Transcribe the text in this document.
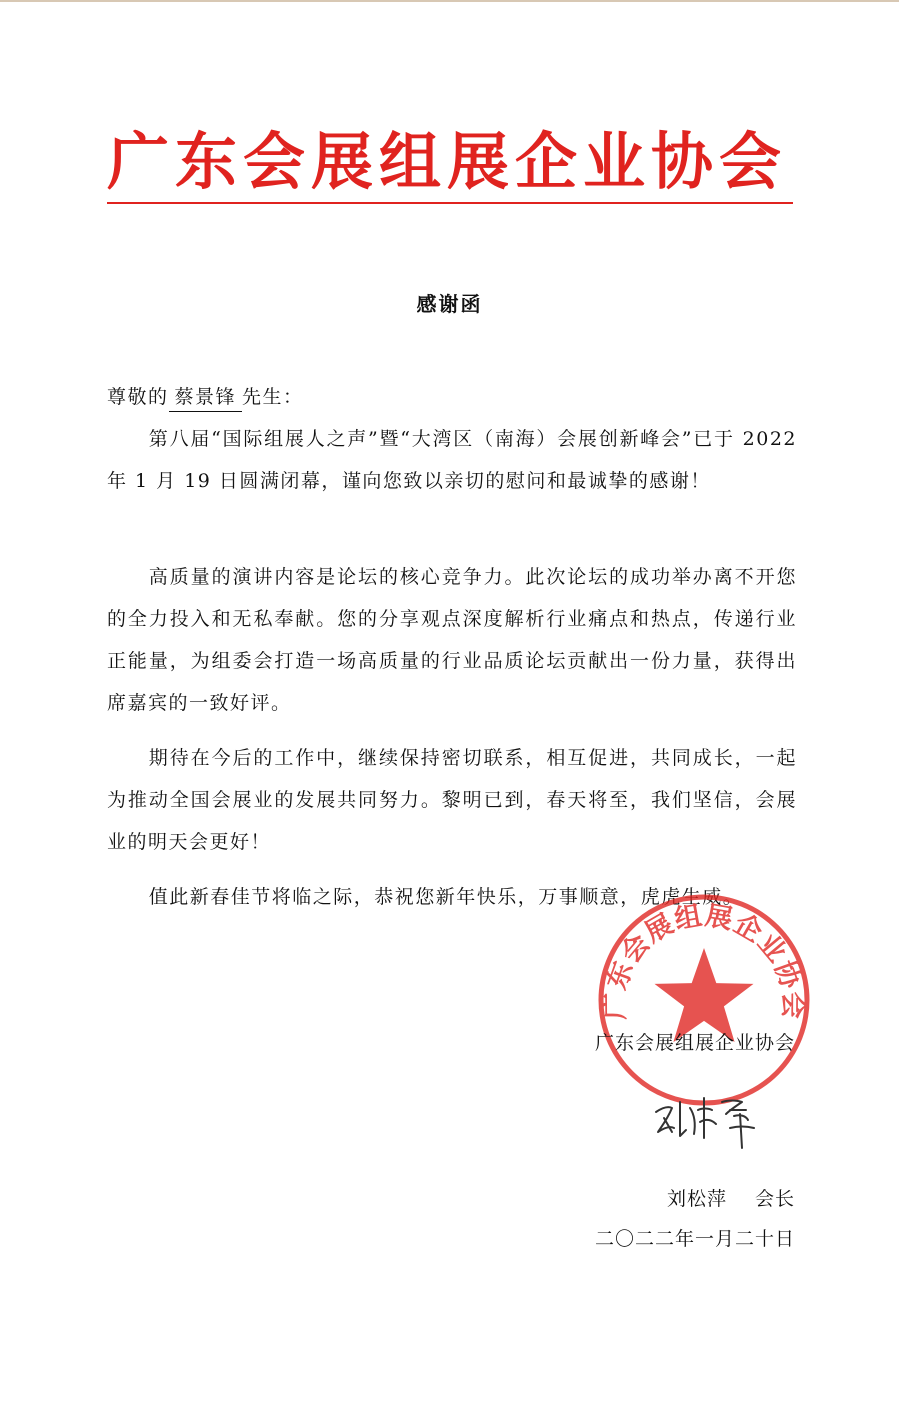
广东会展组展企业协会
感谢函
尊敬的 蔡景锋 先生：

第八届“国际组展人之声”暨“大湾区（南海）会展创新峰会”已于 2022 年 1 月 19 日圆满闭幕，谨向您致以亲切的慰问和最诚挚的感谢！

高质量的演讲内容是论坛的核心竞争力。此次论坛的成功举办离不开您的全力投入和无私奉献。您的分享观点深度解析行业痛点和热点，传递行业正能量，为组委会打造一场高质量的行业品质论坛贡献出一份力量，获得出席嘉宾的一致好评。

期待在今后的工作中，继续保持密切联系，相互促进，共同成长，一起为推动全国会展业的发展共同努力。黎明已到，春天将至，我们坚信，会展业的明天会更好！

值此新春佳节将临之际，恭祝您新年快乐，万事顺意，虎虎生威。

广东会展组展企业协会
广东会展组展企业协会
刘松萍 会长
二〇二二年一月二十日
